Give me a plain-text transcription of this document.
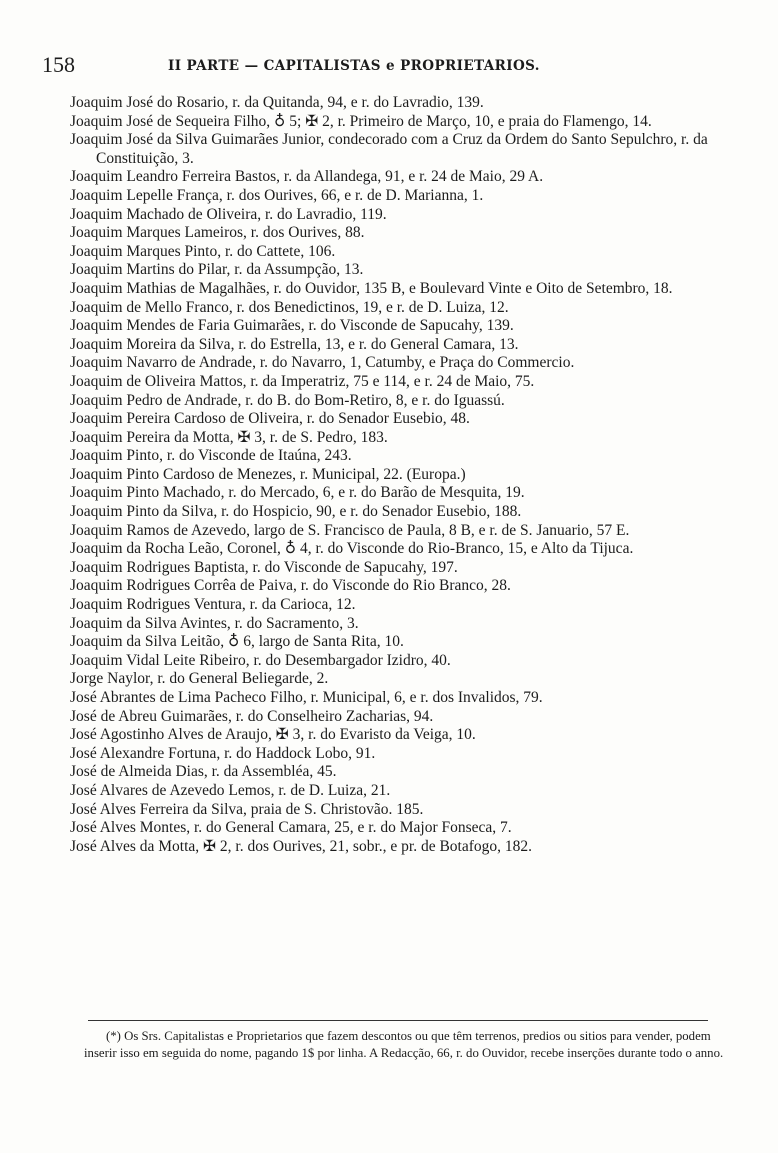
158	II PARTE — CAPITALISTAS e PROPRIETARIOS.
Joaquim José do Rosario, r. da Quitanda, 94, e r. do Lavradio, 139.
Joaquim José de Sequeira Filho, ♁ 5; ✠ 2, r. Primeiro de Março, 10, e praia do Flamengo, 14.
Joaquim José da Silva Guimarães Junior, condecorado com a Cruz da Ordem do Santo Sepulchro, r. da Constituição, 3.
Joaquim Leandro Ferreira Bastos, r. da Allandega, 91, e r. 24 de Maio, 29 A.
Joaquim Lepelle França, r. dos Ourives, 66, e r. de D. Marianna, 1.
Joaquim Machado de Oliveira, r. do Lavradio, 119.
Joaquim Marques Lameiros, r. dos Ourives, 88.
Joaquim Marques Pinto, r. do Cattete, 106.
Joaquim Martins do Pilar, r. da Assumpção, 13.
Joaquim Mathias de Magalhães, r. do Ouvidor, 135 B, e Boulevard Vinte e Oito de Setembro, 18.
Joaquim de Mello Franco, r. dos Benedictinos, 19, e r. de D. Luiza, 12.
Joaquim Mendes de Faria Guimarães, r. do Visconde de Sapucahy, 139.
Joaquim Moreira da Silva, r. do Estrella, 13, e r. do General Camara, 13.
Joaquim Navarro de Andrade, r. do Navarro, 1, Catumby, e Praça do Commercio.
Joaquim de Oliveira Mattos, r. da Imperatriz, 75 e 114, e r. 24 de Maio, 75.
Joaquim Pedro de Andrade, r. do B. do Bom-Retiro, 8, e r. do Iguassú.
Joaquim Pereira Cardoso de Oliveira, r. do Senador Eusebio, 48.
Joaquim Pereira da Motta, ✠ 3, r. de S. Pedro, 183.
Joaquim Pinto, r. do Visconde de Itaúna, 243.
Joaquim Pinto Cardoso de Menezes, r. Municipal, 22. (Europa.)
Joaquim Pinto Machado, r. do Mercado, 6, e r. do Barão de Mesquita, 19.
Joaquim Pinto da Silva, r. do Hospicio, 90, e r. do Senador Eusebio, 188.
Joaquim Ramos de Azevedo, largo de S. Francisco de Paula, 8 B, e r. de S. Januario, 57 E.
Joaquim da Rocha Leão, Coronel, ♁ 4, r. do Visconde do Rio-Branco, 15, e Alto da Tijuca.
Joaquim Rodrigues Baptista, r. do Visconde de Sapucahy, 197.
Joaquim Rodrigues Corrêa de Paiva, r. do Visconde do Rio Branco, 28.
Joaquim Rodrigues Ventura, r. da Carioca, 12.
Joaquim da Silva Avintes, r. do Sacramento, 3.
Joaquim da Silva Leitão, ♁ 6, largo de Santa Rita, 10.
Joaquim Vidal Leite Ribeiro, r. do Desembargador Izidro, 40.
Jorge Naylor, r. do General Beliegarde, 2.
José Abrantes de Lima Pacheco Filho, r. Municipal, 6, e r. dos Invalidos, 79.
José de Abreu Guimarães, r. do Conselheiro Zacharias, 94.
José Agostinho Alves de Araujo, ✠ 3, r. do Evaristo da Veiga, 10.
José Alexandre Fortuna, r. do Haddock Lobo, 91.
José de Almeida Dias, r. da Assembléa, 45.
José Alvares de Azevedo Lemos, r. de D. Luiza, 21.
José Alves Ferreira da Silva, praia de S. Christovão. 185.
José Alves Montes, r. do General Camara, 25, e r. do Major Fonseca, 7.
José Alves da Motta, ✠ 2, r. dos Ourives, 21, sobr., e pr. de Botafogo, 182.
(*) Os Srs. Capitalistas e Proprietarios que fazem descontos ou que têm terrenos, predios ou sitios para vender, podem inserir isso em seguida do nome, pagando 1$ por linha. A Redacção, 66, r. do Ouvidor, recebe inserções durante todo o anno.
